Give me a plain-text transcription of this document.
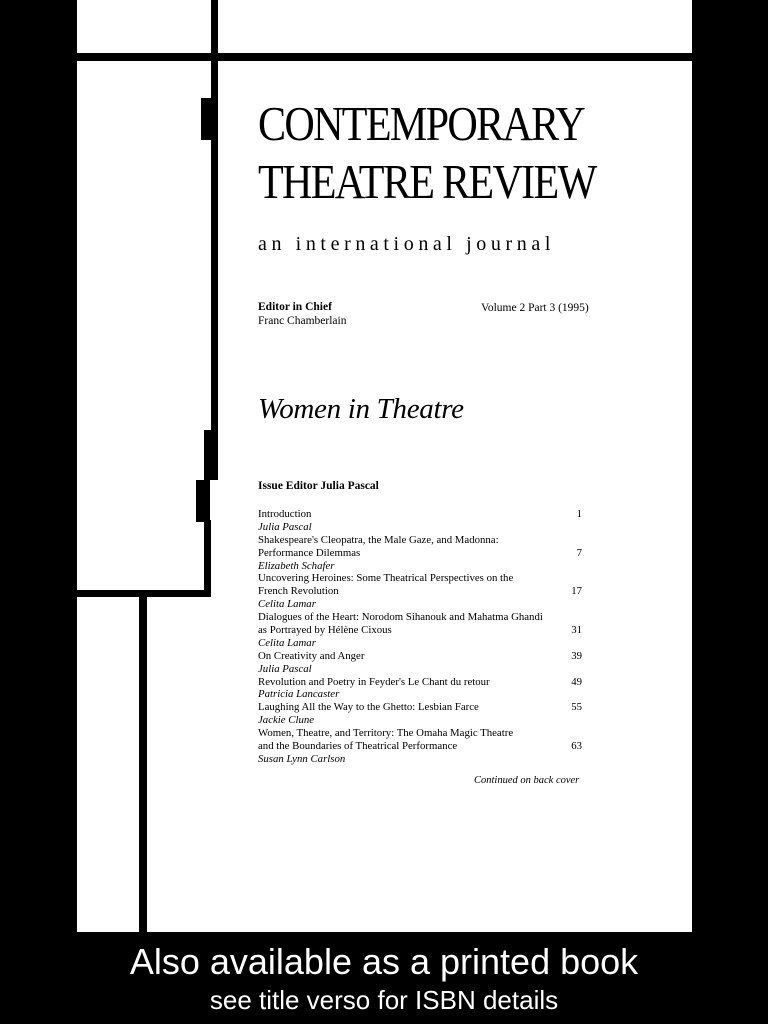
CONTEMPORARY
THEATRE REVIEW
an international journal
Editor in Chief
Franc Chamberlain
Volume 2 Part 3 (1995)
Women in Theatre
Issue Editor Julia Pascal
Introduction	1
Julia Pascal
Shakespeare's Cleopatra, the Male Gaze, and Madonna:
Performance Dilemmas	7
Elizabeth Schafer
Uncovering Heroines: Some Theatrical Perspectives on the
French Revolution	17
Celita Lamar
Dialogues of the Heart: Norodom Sihanouk and Mahatma Ghandi
as Portrayed by Hélène Cixous	31
Celita Lamar
On Creativity and Anger	39
Julia Pascal
Revolution and Poetry in Feyder's Le Chant du retour	49
Patricia Lancaster
Laughing All the Way to the Ghetto: Lesbian Farce	55
Jackie Clune
Women, Theatre, and Territory: The Omaha Magic Theatre
and the Boundaries of Theatrical Performance	63
Susan Lynn Carlson
Continued on back cover
Also available as a printed book
see title verso for ISBN details
